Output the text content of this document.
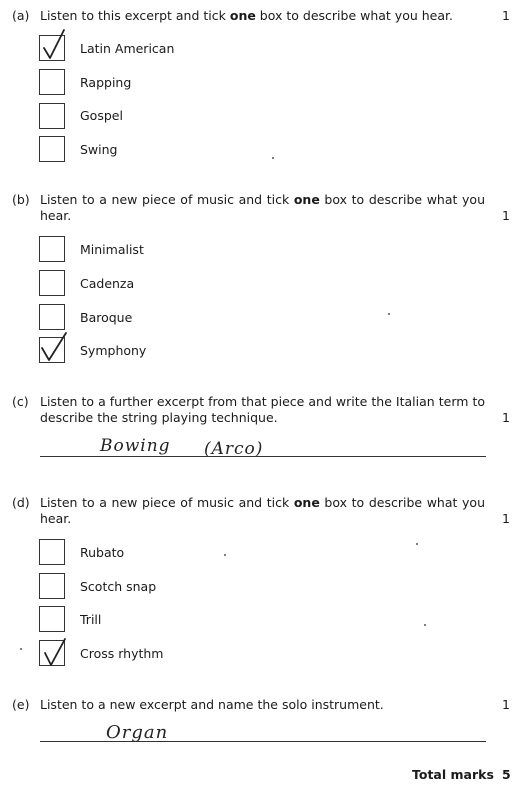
(a) Listen to this excerpt and tick one box to describe what you hear.	1
Latin American
Rapping
Gospel
Swing
(b) Listen to a new piece of music and tick one box to describe what you hear.	1
Minimalist
Cadenza
Baroque
Symphony
(c) Listen to a further excerpt from that piece and write the Italian term to describe the string playing technique.	1
Bowing (Arco)
(d) Listen to a new piece of music and tick one box to describe what you hear.	1
Rubato
Scotch snap
Trill
Cross rhythm
(e) Listen to a new excerpt and name the solo instrument.	1
Organ
Total marks 5
